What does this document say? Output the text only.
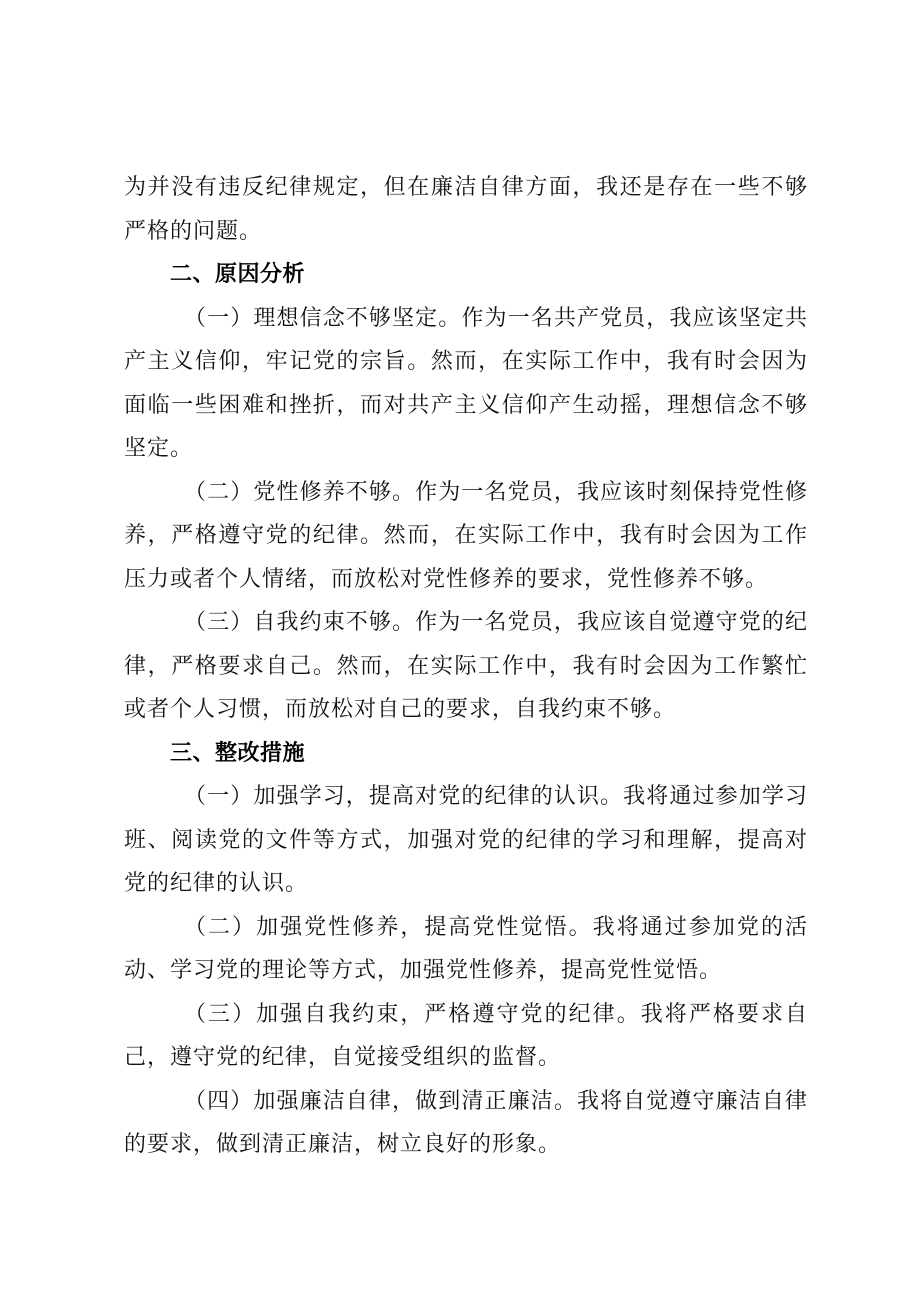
为并没有违反纪律规定，但在廉洁自律方面，我还是存在一些不够严格的问题。

二、原因分析

（一）理想信念不够坚定。作为一名共产党员，我应该坚定共产主义信仰，牢记党的宗旨。然而，在实际工作中，我有时会因为面临一些困难和挫折，而对共产主义信仰产生动摇，理想信念不够坚定。

（二）党性修养不够。作为一名党员，我应该时刻保持党性修养，严格遵守党的纪律。然而，在实际工作中，我有时会因为工作压力或者个人情绪，而放松对党性修养的要求，党性修养不够。

（三）自我约束不够。作为一名党员，我应该自觉遵守党的纪律，严格要求自己。然而，在实际工作中，我有时会因为工作繁忙或者个人习惯，而放松对自己的要求，自我约束不够。

三、整改措施

（一）加强学习，提高对党的纪律的认识。我将通过参加学习班、阅读党的文件等方式，加强对党的纪律的学习和理解，提高对党的纪律的认识。

（二）加强党性修养，提高党性觉悟。我将通过参加党的活动、学习党的理论等方式，加强党性修养，提高党性觉悟。

（三）加强自我约束，严格遵守党的纪律。我将严格要求自己，遵守党的纪律，自觉接受组织的监督。

（四）加强廉洁自律，做到清正廉洁。我将自觉遵守廉洁自律的要求，做到清正廉洁，树立良好的形象。
